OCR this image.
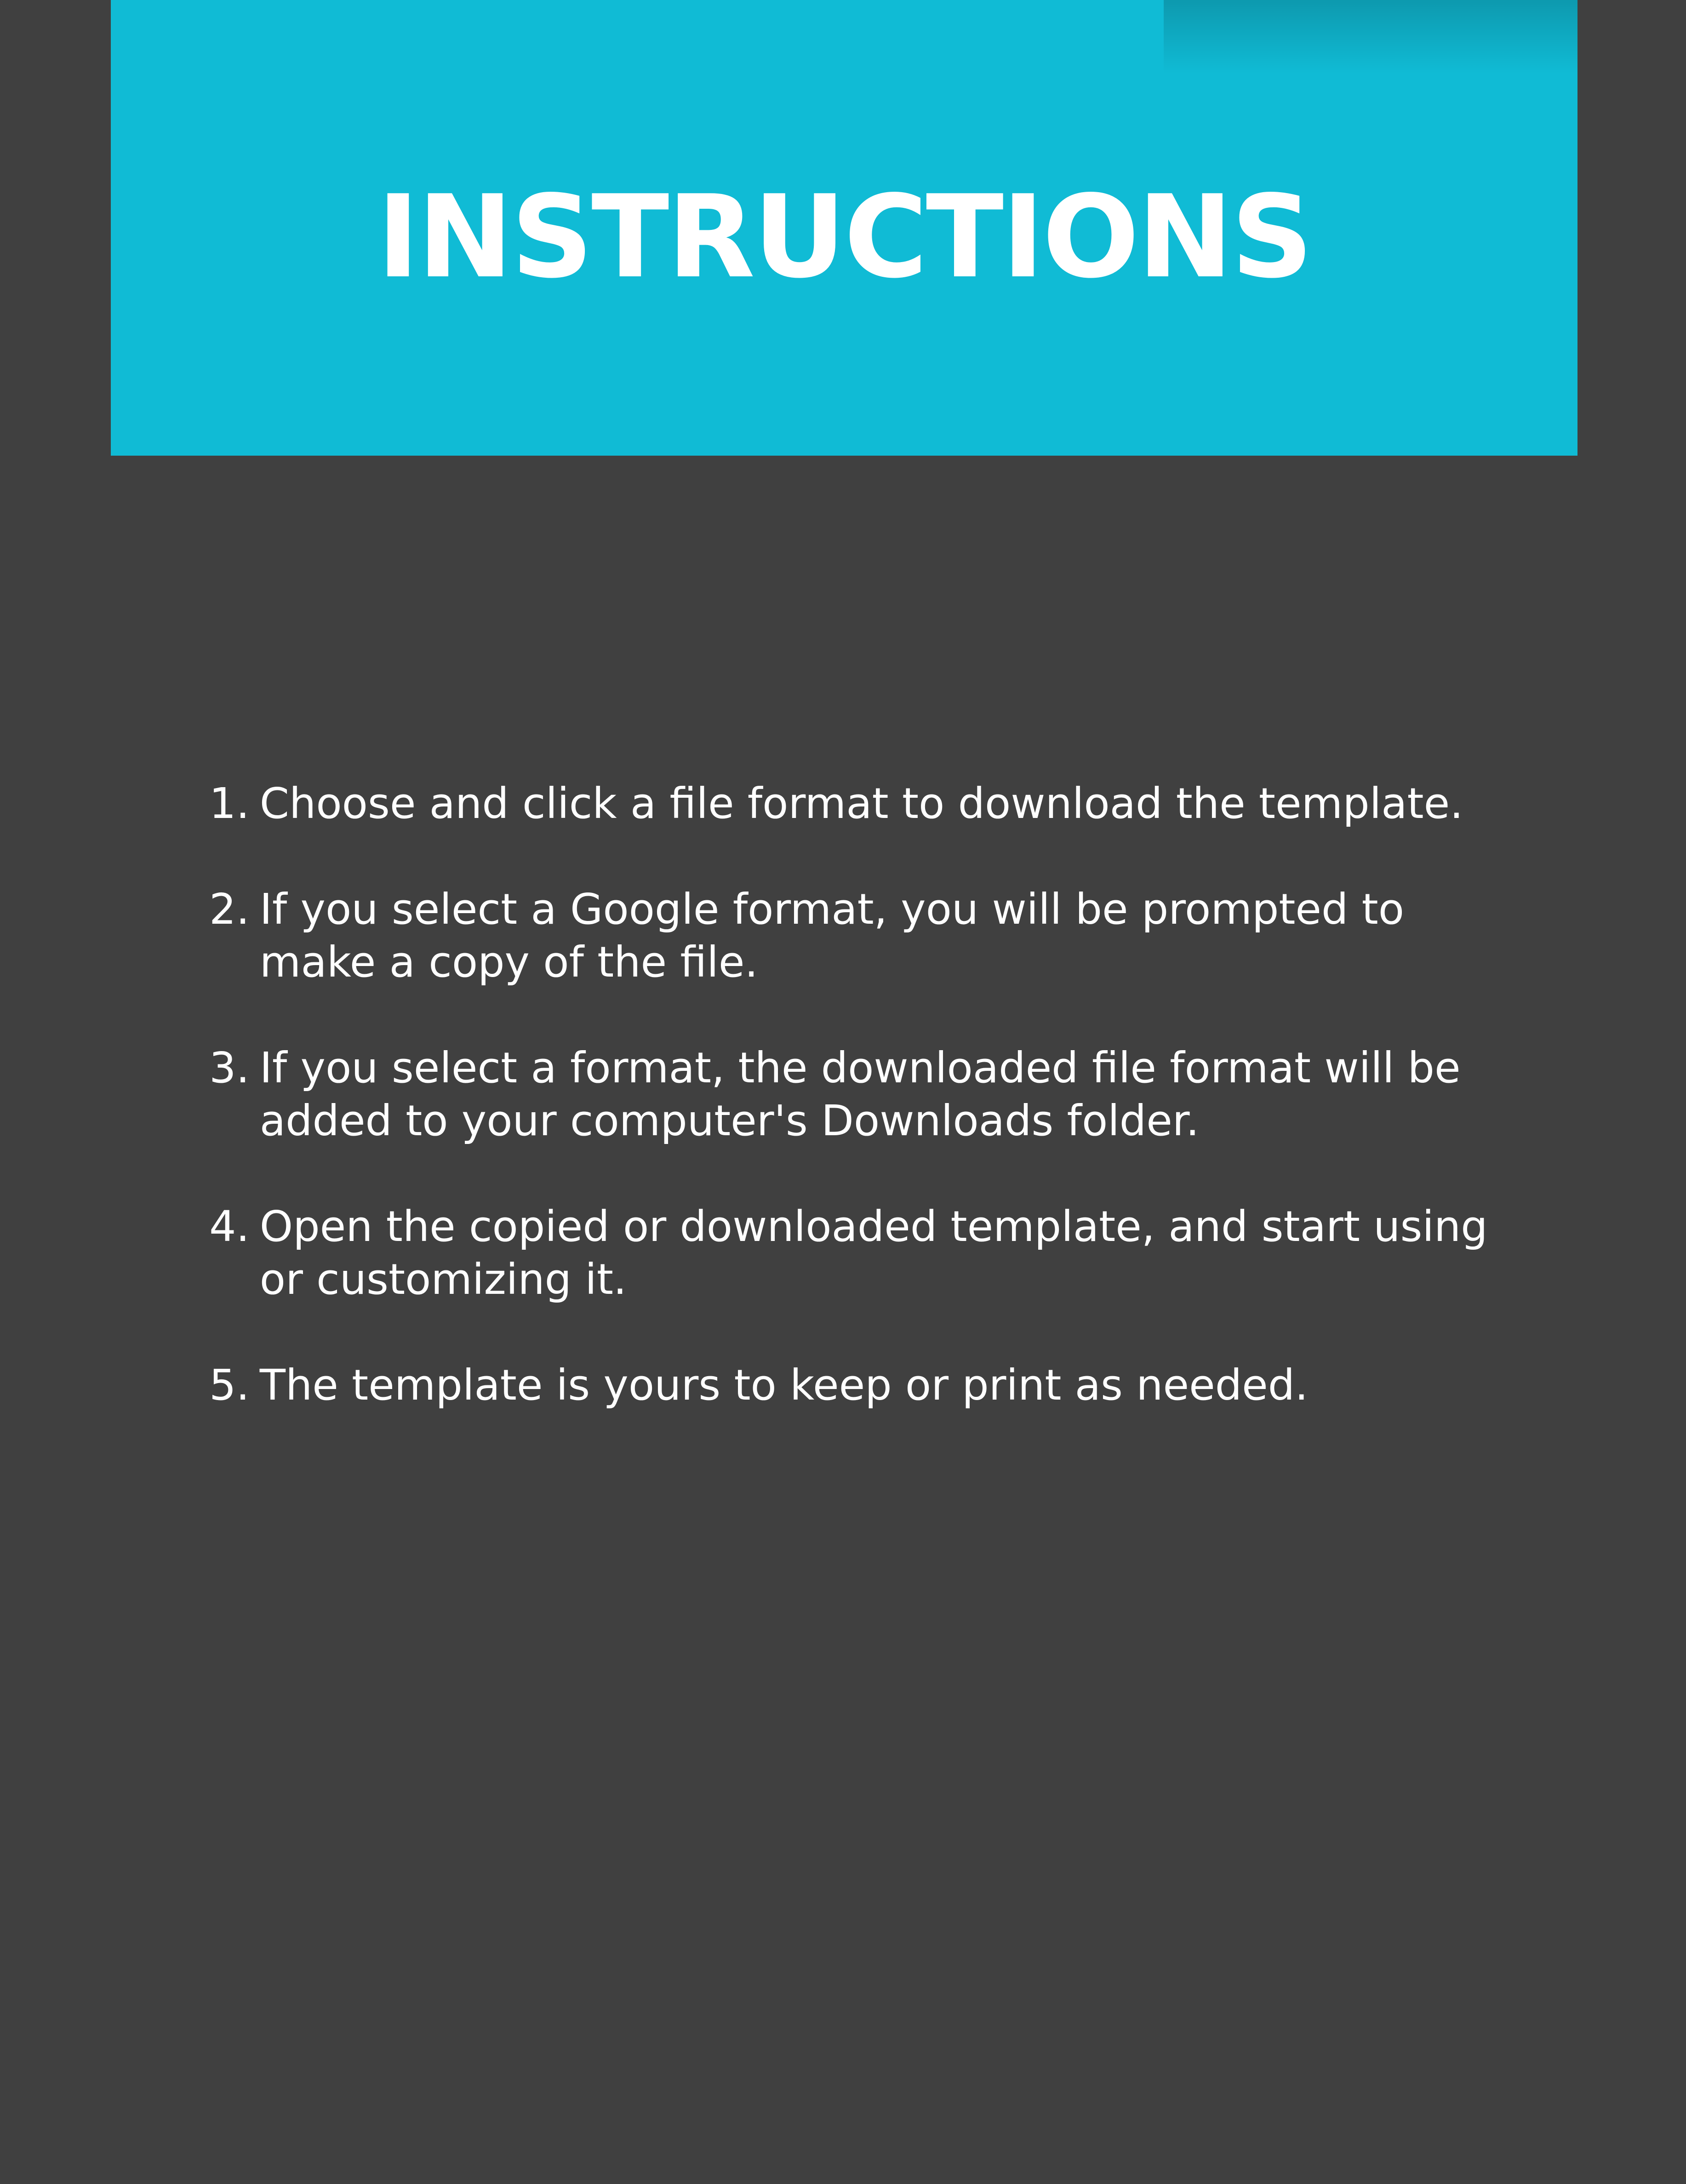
INSTRUCTIONS
1. Choose and click a file format to download the template.
2. If you select a Google format, you will be prompted to make a copy of the file.
3. If you select a format, the downloaded file format will be added to your computer's Downloads folder.
4. Open the copied or downloaded template, and start using or customizing it.
5. The template is yours to keep or print as needed.
